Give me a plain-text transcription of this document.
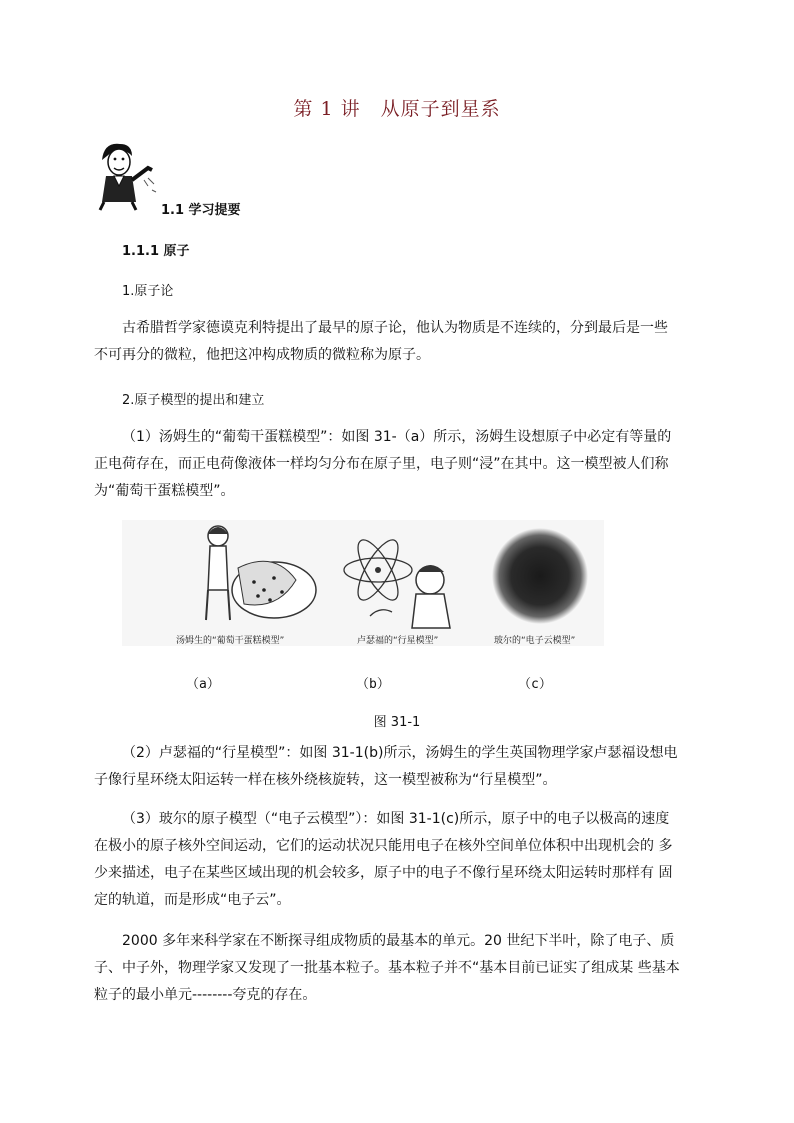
第 1 讲　从原子到星系
1.1 学习提要
1.1.1 原子
1.原子论
古希腊哲学家德谟克利特提出了最早的原子论，他认为物质是不连续的，分到最后是一些不可再分的微粒，他把这冲构成物质的微粒称为原子。
2.原子模型的提出和建立
（1）汤姆生的“葡萄干蛋糕模型”：如图 31-（a）所示，汤姆生设想原子中必定有等量的正电荷存在，而正电荷像液体一样均匀分布在原子里，电子则“浸”在其中。这一模型被人们称为“葡萄干蛋糕模型”。
汤姆生的“葡萄干蛋糕模型”	卢瑟福的“行星模型”	玻尔的“电子云模型”
（a）	（b）	（c）
图 31-1
（2）卢瑟福的“行星模型”：如图 31-1(b)所示，汤姆生的学生英国物理学家卢瑟福设想电子像行星环绕太阳运转一样在核外绕核旋转，这一模型被称为“行星模型”。
（3）玻尔的原子模型（“电子云模型”）：如图 31-1(c)所示，原子中的电子以极高的速度在极小的原子核外空间运动，它们的运动状况只能用电子在核外空间单位体积中出现机会的 多少来描述，电子在某些区域出现的机会较多，原子中的电子不像行星环绕太阳运转时那样有 固定的轨道，而是形成“电子云”。
2000 多年来科学家在不断探寻组成物质的最基本的单元。20 世纪下半叶，除了电子、质子、中子外，物理学家又发现了一批基本粒子。基本粒子并不“基本目前已证实了组成某 些基本粒子的最小单元--------夸克的存在。
